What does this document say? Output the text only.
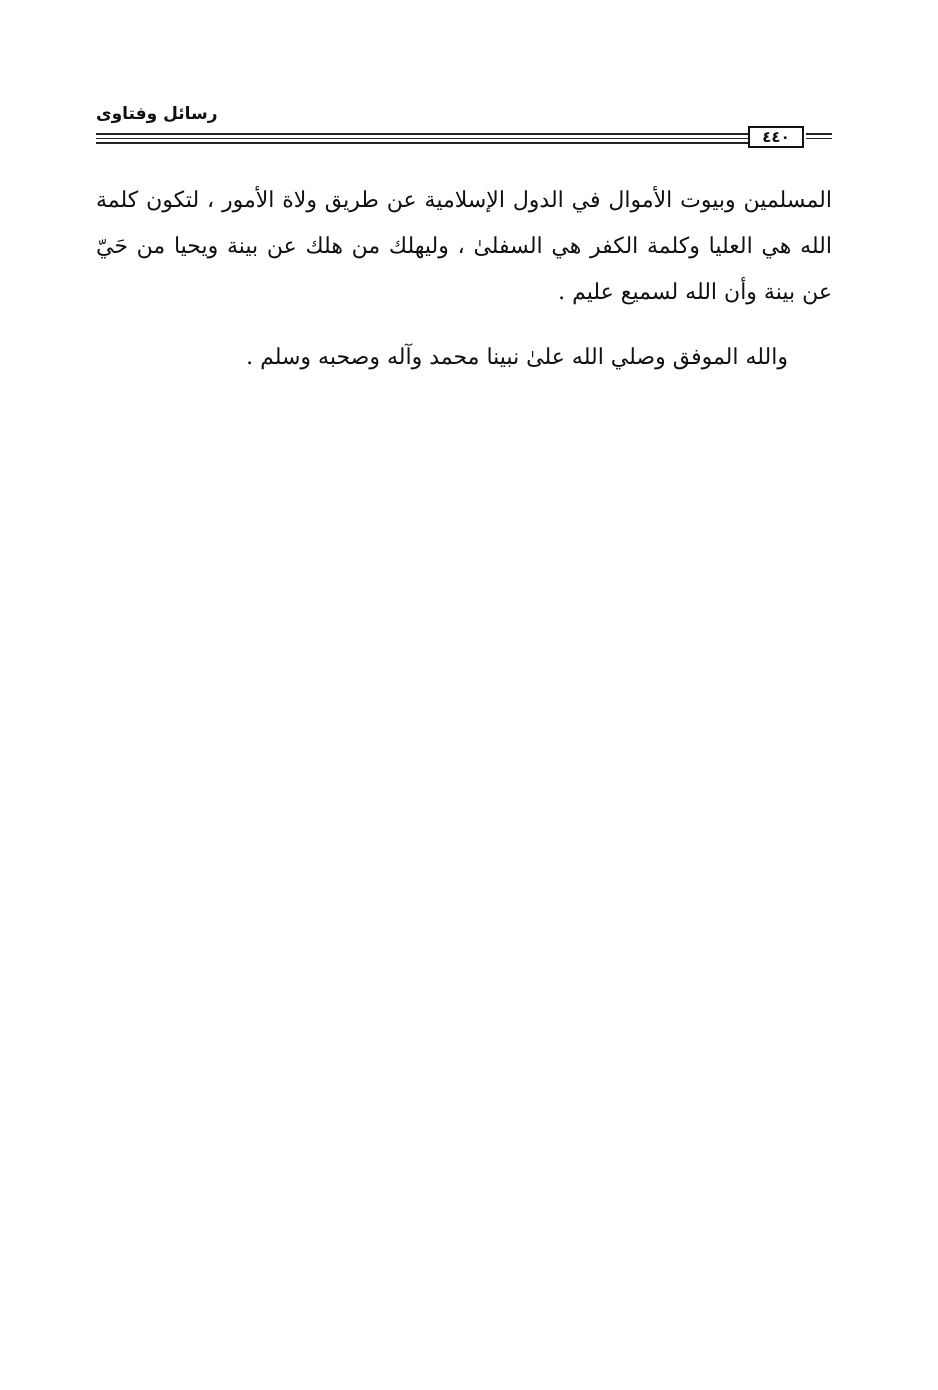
رسائل وفتاوى
٤٤٠

المسلمين وبيوت الأموال في الدول الإسلامية عن طريق ولاة الأمور ، لتكون كلمة الله هي العليا وكلمة الكفر هي السفلىٰ ، وليهلك من هلك عن بينة ويحيا من حَيّ عن بينة وأن الله لسميع عليم .

والله الموفق وصلي الله علىٰ نبينا محمد وآله وصحبه وسلم .
